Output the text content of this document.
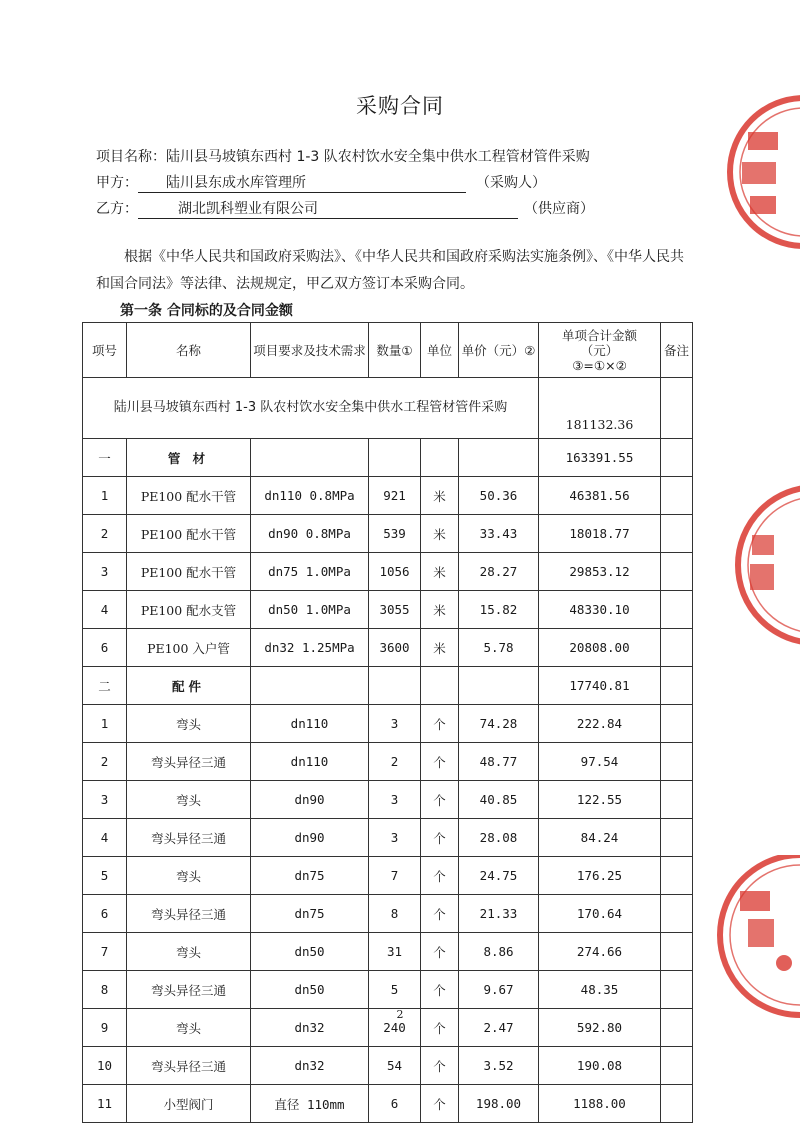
采购合同
项目名称：陆川县马坡镇东西村 1-3 队农村饮水安全集中供水工程管材管件采购
甲方： 陆川县东成水库管理所	（采购人）
乙方：	湖北凯科塑业有限公司	（供应商）
根据《中华人民共和国政府采购法》、《中华人民共和国政府采购法实施条例》、《中华人民共和国合同法》等法律、法规规定，甲乙双方签订本采购合同。
第一条 合同标的及合同金额
项号	名称	项目要求及技术需求	数量①	单位	单价（元）②	单项合计金额
（元）
③=①×②	备注
陆川县马坡镇东西村 1-3 队农村饮水安全集中供水工程管材管件采购						181132.36	
一	管 材					163391.55	
1	PE100 配水干管	dn110 0.8MPa	921	米	50.36	46381.56	
2	PE100 配水干管	dn90 0.8MPa	539	米	33.43	18018.77	
3	PE100 配水干管	dn75 1.0MPa	1056	米	28.27	29853.12	
4	PE100 配水支管	dn50 1.0MPa	3055	米	15.82	48330.10	
6	PE100 入户管	dn32 1.25MPa	3600	米	5.78	20808.00	
二	配件					17740.81	
1	弯头	dn110	3	个	74.28	222.84	
2	弯头异径三通	dn110	2	个	48.77	97.54	
3	弯头	dn90	3	个	40.85	122.55	
4	弯头异径三通	dn90	3	个	28.08	84.24	
5	弯头	dn75	7	个	24.75	176.25	
6	弯头异径三通	dn75	8	个	21.33	170.64	
7	弯头	dn50	31	个	8.86	274.66	
8	弯头异径三通	dn50	5	个	9.67	48.35	
9	弯头	dn32	240	个	2.47	592.80	
10	弯头异径三通	dn32	54	个	3.52	190.08	
11	小型阀门	直径 110mm	6	个	198.00	1188.00	
2
